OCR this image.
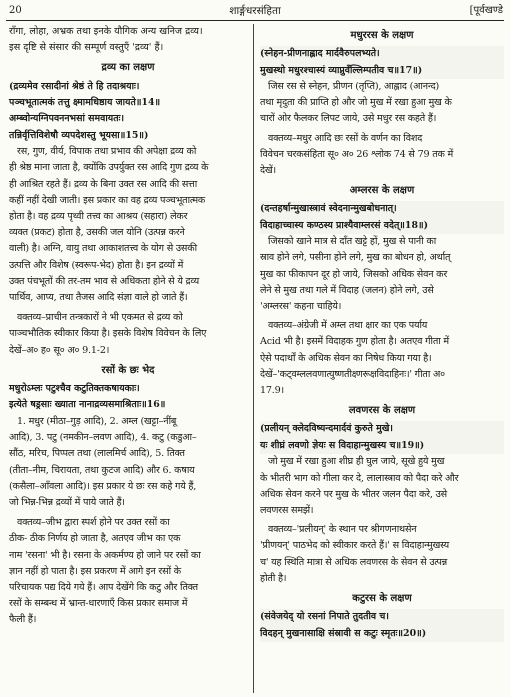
20	शार्ङ्गधरसंहिता	[पूर्वखण्डे
राँगा, लोहा, अभ्रक तथा इनके यौगिक अन्य खनिज द्रव्य।
इस दृष्टि से संसार की सम्पूर्ण वस्तुएँ 'द्रव्य' हैं।
द्रव्य का लक्षण
(द्रव्यमेव रसादीनां श्रेष्ठं ते हि तदाश्रयाः।
पञ्चभूतात्मकं तत्तु क्ष्मामधिष्ठाय जायते॥14॥
अम्ब्वोन्यग्निपवननभसां समवायतः।
तन्निर्वृत्तिविशेषौ व्यपदेशस्तु भूयसा॥15॥)
रस, गुण, वीर्य, विपाक तथा प्रभाव की अपेक्षा द्रव्य को
ही श्रेष्ठ माना जाता है, क्योंकि उपर्युक्त रस आदि गुण द्रव्य के
ही आश्रित रहते हैं। द्रव्य के बिना उक्त रस आदि की सत्ता
कहीं नहीं देखी जाती। इस प्रकार का वह द्रव्य पञ्चभूतात्मक
होता है। वह द्रव्य पृथ्वी तत्त्व का आश्रय (सहारा) लेकर
व्यक्त (प्रकट) होता है, उसकी जल योनि (उत्पन्न करने
वाली) है। अग्नि, वायु तथा आकाशतत्त्व के योग से उसकी
उत्पत्ति और विशेष (स्वरूप-भेद) होता है। इन द्रव्यों में
उक्त पंचभूतों की तर-तम भाव से अधिकता होने से ये द्रव्य
पार्थिव, आप्य, तथा तैजस आदि संज्ञा वाले हो जाते हैं।
वक्तव्य–प्राचीन तन्त्रकारों ने भी एकमत से द्रव्य को
पाञ्चभौतिक स्वीकार किया है। इसके विशेष विवेचन के लिए
देखें–अ० ह० सू० अ० 9.1-2।
रसों के छः भेद
मधुरोऽम्लः पटुश्चैव कटुतिक्तकषायकाः।
इत्येते षड्रसाः ख्याता नानाद्रव्यसमाश्रिताः॥16॥
1. मधुर (मीठा–गुड़ आदि), 2. अम्ल (खट्टा–नींबू
आदि), 3. पटु (नमकीन–लवण आदि), 4. कटु (कडुआ–
सौंठ, मरिच, पिप्पल तथा (लालमिर्च आदि), 5. तिक्त
(तीता–नीम, चिरायता, तथा कुटज आदि) और 6. कषाय
(कसैला–आँवला आदि)। इस प्रकार ये छः रस कहे गये हैं,
जो भिन्न-भिन्न द्रव्यों में पाये जाते हैं।
वक्तव्य–जीभ द्वारा स्पर्श होने पर उक्त रसों का
ठीक- ठीक निर्णय हो जाता है, अतएव जीभ का एक
नाम 'रसना' भी है। रसना के अकर्मण्य हो जाने पर रसों का
ज्ञान नहीं हो पाता है। इस प्रकरण में आगे इन रसों के
परिचायक पद्य दिये गये हैं। आप देखेंगे कि कटु और तिक्त
रसों के सम्बन्ध में भ्रान्त-धारणाएँ किस प्रकार समाज में
फैली हैं।
मधुररस के लक्षण
(स्नेहन-प्रीणनाह्लाद मार्दवैरुपलभ्यते।
मुखस्थो मधुरश्चास्यं व्याप्नुवँल्लिम्पतीव च॥17॥)
जिस रस से स्नेहन, प्रीणन (तृप्ति), आह्लाद (आनन्द)
तथा मृदुता की प्राप्ति हो और जो मुख में रखा हुआ मुख के
चारों ओर फैलकर लिपट जाये, उसे मधुर रस कहते हैं।
वक्तव्य–मधुर आदि छः रसों के वर्णन का विशद
विवेचन चरकसंहिता सू० अ० 26 श्लोक 74 से 79 तक में
देखें।
अम्लरस के लक्षण
(दन्तहर्षान्मुखास्त्रावं स्वेदनान्मुखबोधनात्।
विदाहाच्चास्य कण्ठस्य प्राश्यैवाम्लरसं वदेत्॥18॥)
जिसको खाने मात्र से दाँत खट्टे हों, मुख से पानी का
स्राव होने लगे, पसीना होने लगे, मुख का बोधन हो, अर्थात्
मुख का फीकापन दूर हो जाये, जिसको अधिक सेवन कर
लेने से मुख तथा गले में विदाह (जलन) होने लगे, उसे
'अम्लरस' कहना चाहिये।
वक्तव्य–अंग्रेजी में अम्ल तथा क्षार का एक पर्याय
Acid भी है। इसमें विदाहक गुण होता है। अतएव गीता में
ऐसे पदार्थों के अधिक सेवन का निषेध किया गया है।
देखें–'कट्वम्ललवणात्युष्णतीक्ष्णरूक्षविदाहिनः।' गीता अ०
17.9।
लवणरस के लक्षण
(प्रलीयन् क्लेदविष्यन्दमार्दवं कुरुते मुखे।
यः शीघ्रं लवणो ज्ञेयः स विदाहान्मुखस्य च॥19॥)
जो मुख में रखा हुआ शीघ्र ही घुल जाये, सूखे हुये मुख
के भीतरी भाग को गीला कर दे, लालास्त्राव को पैदा करे और
अधिक सेवन करने पर मुख के भीतर जलन पैदा करे, उसे
लवणरस समझें।
वक्तव्य–'प्रलीयन्' के स्थान पर श्रीगणनाथसेन
'प्रीणयन्' पाठभेद को स्वीकार करते हैं।' स विदाहान्मुखस्य
च' यह स्थिति मात्रा से अधिक लवणरस के सेवन से उत्पन्न
होती है।
कटुरस के लक्षण
(संवेजयेद् यो रसनां निपाते तुदतीव च।
विदहन् मुखनासाक्षि संस्रावी स कटुः स्मृतः॥20॥)
